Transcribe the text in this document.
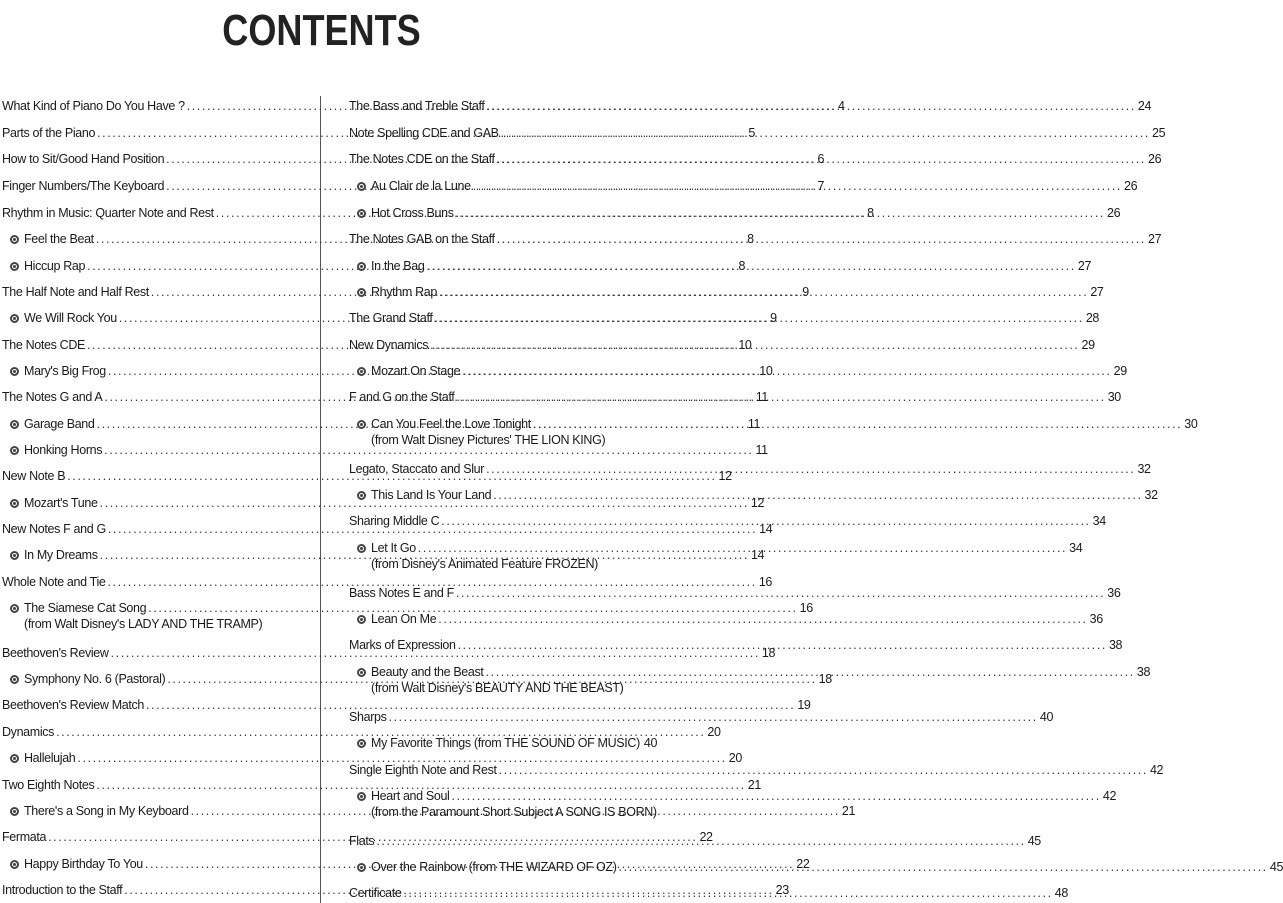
CONTENTS
What Kind of Piano Do You Have ? .....	4
Parts of the Piano .....	5
How to Sit/Good Hand Position .....	6
Finger Numbers/The Keyboard .....	7
Rhythm in Music: Quarter Note and Rest .....	8
Feel the Beat .....	8
Hiccup Rap .....	8
The Half Note and Half Rest .....	9
We Will Rock You .....	9
The Notes CDE .....	10
Mary's Big Frog .....	10
The Notes G and A .....	11
Garage Band .....	11
Honking Horns .....	11
New Note B .....	12
Mozart's Tune .....	12
New Notes F and G .....	14
In My Dreams .....	14
Whole Note and Tie .....	16
The Siamese Cat Song .....	16
(from Walt Disney's LADY AND THE TRAMP)
Beethoven's Review .....	18
Symphony No. 6 (Pastoral) .....	18
Beethoven's Review Match .....	19
Dynamics .....	20
Hallelujah .....	20
Two Eighth Notes .....	21
There's a Song in My Keyboard .....	21
Fermata .....	22
Happy Birthday To You .....	22
Introduction to the Staff .....	23
The Bass and Treble Staff .....	24
Note Spelling CDE and GAB .....	25
The Notes CDE on the Staff .....	26
Au Clair de la Lune .....	26
Hot Cross Buns .....	26
The Notes GAB on the Staff .....	27
In the Bag .....	27
Rhythm Rap .....	27
The Grand Staff .....	28
New Dynamics .....	29
Mozart On Stage .....	29
F and G on the Staff .....	30
Can You Feel the Love Tonight .....	30
(from Walt Disney Pictures' THE LION KING)
Legato, Staccato and Slur .....	32
This Land Is Your Land .....	32
Sharing Middle C .....	34
Let It Go .....	34
(from Disney's Animated Feature FROZEN)
Bass Notes E and F .....	36
Lean On Me .....	36
Marks of Expression .....	38
Beauty and the Beast .....	38
(from Walt Disney's BEAUTY AND THE BEAST)
Sharps .....	40
My Favorite Things (from THE SOUND OF MUSIC) 40
Single Eighth Note and Rest .....	42
Heart and Soul .....	42
(from the Paramount Short Subject A SONG IS BORN)
Flats .....	45
Over the Rainbow (from THE WIZARD OF OZ) .....	45
Certificate .....	48
